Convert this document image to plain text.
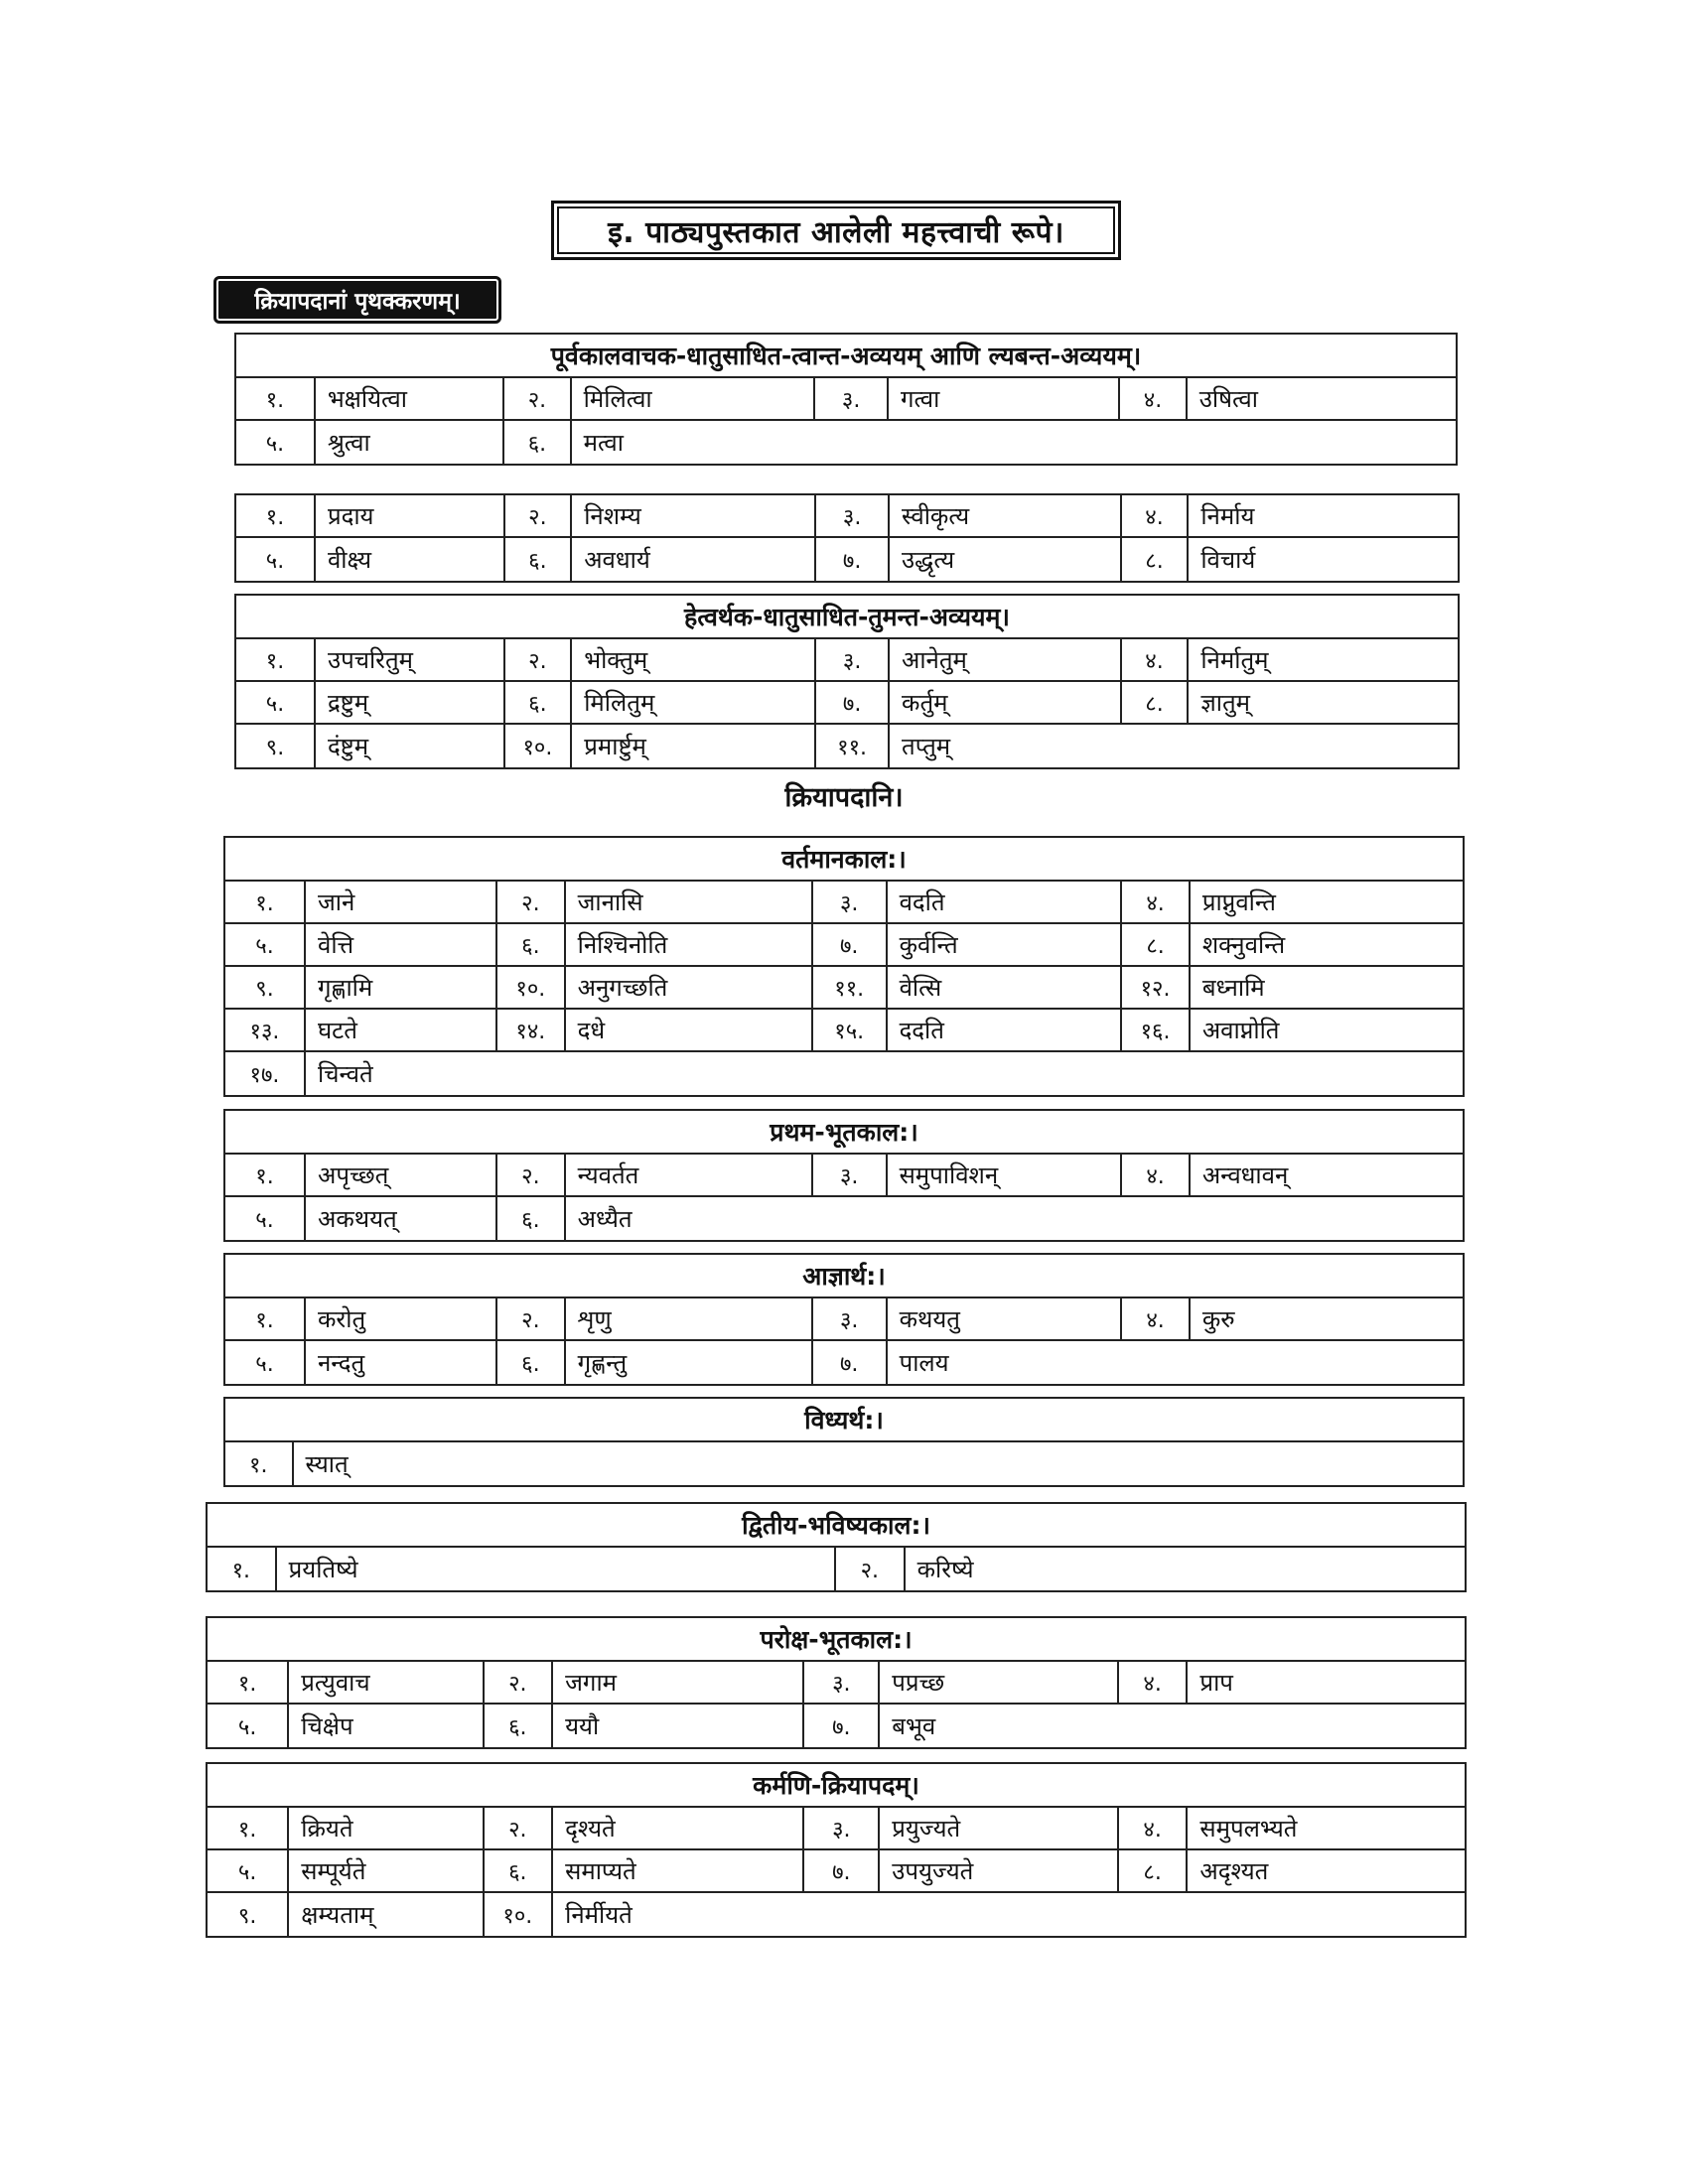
इ. पाठ्यपुस्तकात आलेली महत्त्वाची रूपे।
क्रियापदानां पृथक्करणम्।
क्रियापदानि।
पूर्वकालवाचक-धातुसाधित-त्वान्त-अव्ययम् आणि ल्यबन्त-अव्ययम्।
१.	भक्षयित्वा	२.	मिलित्वा	३.	गत्वा	४.	उषित्वा
५.	श्रुत्वा	६.	मत्वा
१.	प्रदाय	२.	निशम्य	३.	स्वीकृत्य	४.	निर्माय
५.	वीक्ष्य	६.	अवधार्य	७.	उद्धृत्य	८.	विचार्य
हेत्वर्थक-धातुसाधित-तुमन्त-अव्ययम्।
१.	उपचरितुम्	२.	भोक्तुम्	३.	आनेतुम्	४.	निर्मातुम्
५.	द्रष्टुम्	६.	मिलितुम्	७.	कर्तुम्	८.	ज्ञातुम्
९.	दंष्टुम्	१०.	प्रमार्ष्टुम्	११.	तप्तुम्
वर्तमानकाल:।
१.	जाने	२.	जानासि	३.	वदति	४.	प्राप्नुवन्ति
५.	वेत्ति	६.	निश्चिनोति	७.	कुर्वन्ति	८.	शक्नुवन्ति
९.	गृह्णामि	१०.	अनुगच्छति	११.	वेत्सि	१२.	बध्नामि
१३.	घटते	१४.	दधे	१५.	ददति	१६.	अवाप्नोति
१७.	चिन्वते
प्रथम-भूतकाल:।
१.	अपृच्छत्	२.	न्यवर्तत	३.	समुपाविशन्	४.	अन्वधावन्
५.	अकथयत्	६.	अध्यैत
आज्ञार्थ:।
१.	करोतु	२.	शृणु	३.	कथयतु	४.	कुरु
५.	नन्दतु	६.	गृह्णन्तु	७.	पालय
विध्यर्थ:।
१.	स्यात्
द्वितीय-भविष्यकाल:।
१.	प्रयतिष्ये	२.	करिष्ये
परोक्ष-भूतकाल:।
१.	प्रत्युवाच	२.	जगाम	३.	पप्रच्छ	४.	प्राप
५.	चिक्षेप	६.	ययौ	७.	बभूव
कर्मणि-क्रियापदम्।
१.	क्रियते	२.	दृश्यते	३.	प्रयुज्यते	४.	समुपलभ्यते
५.	सम्पूर्यते	६.	समाप्यते	७.	उपयुज्यते	८.	अदृश्यत
९.	क्षम्यताम्	१०.	निर्मीयते
